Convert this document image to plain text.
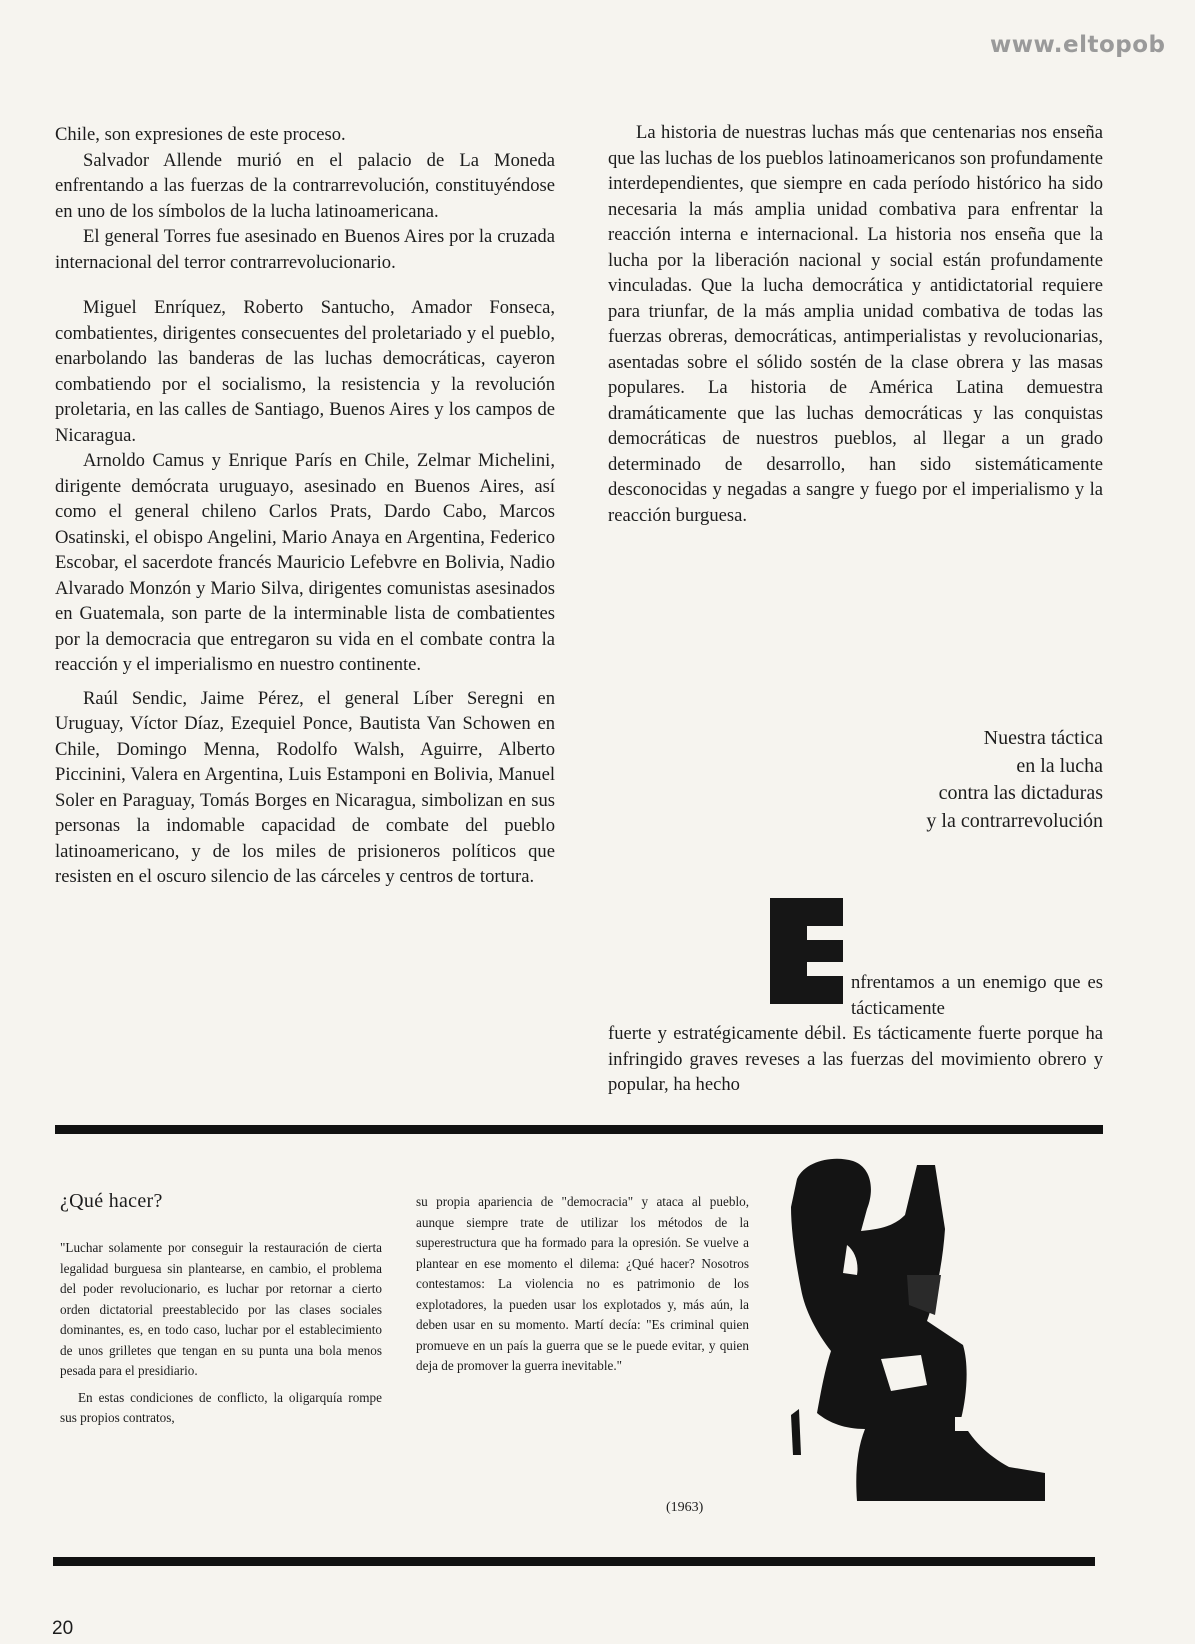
www.eltopob

Chile, son expresiones de este proceso.

Salvador Allende murió en el palacio de La Moneda enfrentando a las fuerzas de la contrarrevolución, constituyéndose en uno de los símbolos de la lucha latinoamericana.

El general Torres fue asesinado en Buenos Aires por la cruzada internacional del terror contrarrevolucionario.

Miguel Enríquez, Roberto Santucho, Amador Fonseca, combatientes, dirigentes consecuentes del proletariado y el pueblo, enarbolando las banderas de las luchas democráticas, cayeron combatiendo por el socialismo, la resistencia y la revolución proletaria, en las calles de Santiago, Buenos Aires y los campos de Nicaragua.

Arnoldo Camus y Enrique París en Chile, Zelmar Michelini, dirigente demócrata uruguayo, asesinado en Buenos Aires, así como el general chileno Carlos Prats, Dardo Cabo, Marcos Osatinski, el obispo Angelini, Mario Anaya en Argentina, Federico Escobar, el sacerdote francés Mauricio Lefebvre en Bolivia, Nadio Alvarado Monzón y Mario Silva, dirigentes comunistas asesinados en Guatemala, son parte de la interminable lista de combatientes por la democracia que entregaron su vida en el combate contra la reacción y el imperialismo en nuestro continente.

Raúl Sendic, Jaime Pérez, el general Líber Seregni en Uruguay, Víctor Díaz, Ezequiel Ponce, Bautista Van Schowen en Chile, Domingo Menna, Rodolfo Walsh, Aguirre, Alberto Piccinini, Valera en Argentina, Luis Estamponi en Bolivia, Manuel Soler en Paraguay, Tomás Borges en Nicaragua, simbolizan en sus personas la indomable capacidad de combate del pueblo latinoamericano, y de los miles de prisioneros políticos que resisten en el oscuro silencio de las cárceles y centros de tortura.

La historia de nuestras luchas más que centenarias nos enseña que las luchas de los pueblos latinoamericanos son profundamente interdependientes, que siempre en cada período histórico ha sido necesaria la más amplia unidad combativa para enfrentar la reacción interna e internacional. La historia nos enseña que la lucha por la liberación nacional y social están profundamente vinculadas. Que la lucha democrática y antidictatorial requiere para triunfar, de la más amplia unidad combativa de todas las fuerzas obreras, democráticas, antimperialistas y revolucionarias, asentadas sobre el sólido sostén de la clase obrera y las masas populares. La historia de América Latina demuestra dramáticamente que las luchas democráticas y las conquistas democráticas de nuestros pueblos, al llegar a un grado determinado de desarrollo, han sido sistemáticamente desconocidas y negadas a sangre y fuego por el imperialismo y la reacción burguesa.

Nuestra táctica
en la lucha
contra las dictaduras
y la contrarrevolución

nfrentamos a un enemigo que es tácticamente

fuerte y estratégicamente débil. Es tácticamente fuerte porque ha infringido graves reveses a las fuerzas del movimiento obrero y popular, ha hecho

¿Qué hacer?

"Luchar solamente por conseguir la restauración de cierta legalidad burguesa sin plantearse, en cambio, el problema del poder revolucionario, es luchar por retornar a cierto orden dictatorial preestablecido por las clases sociales dominantes, es, en todo caso, luchar por el establecimiento de unos grilletes que tengan en su punta una bola menos pesada para el presidiario.

En estas condiciones de conflicto, la oligarquía rompe sus propios contratos,

su propia apariencia de "democracia" y ataca al pueblo, aunque siempre trate de utilizar los métodos de la superestructura que ha formado para la opresión. Se vuelve a plantear en ese momento el dilema: ¿Qué hacer? Nosotros contestamos: La violencia no es patrimonio de los explotadores, la pueden usar los explotados y, más aún, la deben usar en su momento. Martí decía: "Es criminal quien promueve en un país la guerra que se le puede evitar, y quien deja de promover la guerra inevitable."

(1963)

20
